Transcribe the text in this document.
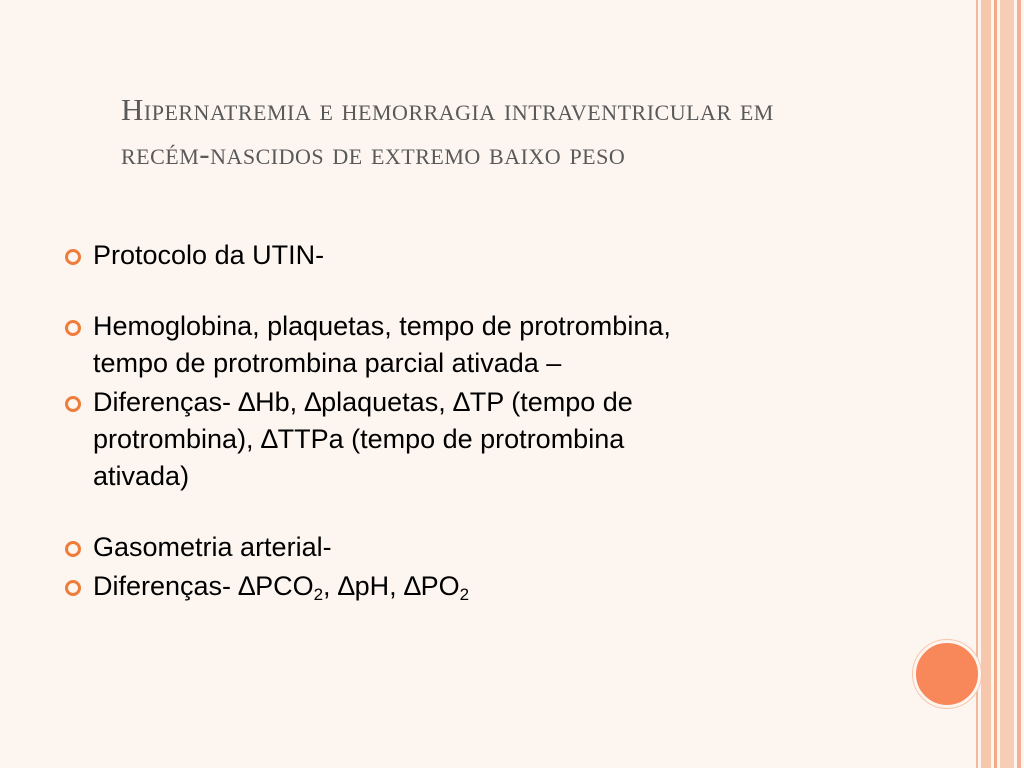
Hipernatremia e hemorragia intraventricular em
recém-nascidos de extremo baixo peso
Protocolo da UTIN-
Hemoglobina, plaquetas, tempo de protrombina,
tempo de protrombina parcial ativada –
Diferenças- ∆Hb, ∆plaquetas, ∆TP (tempo de
protrombina), ∆TTPa (tempo de protrombina
ativada)
Gasometria arterial-
Diferenças- $\Delta PCO_2$, ∆pH, $\Delta PO_2$
